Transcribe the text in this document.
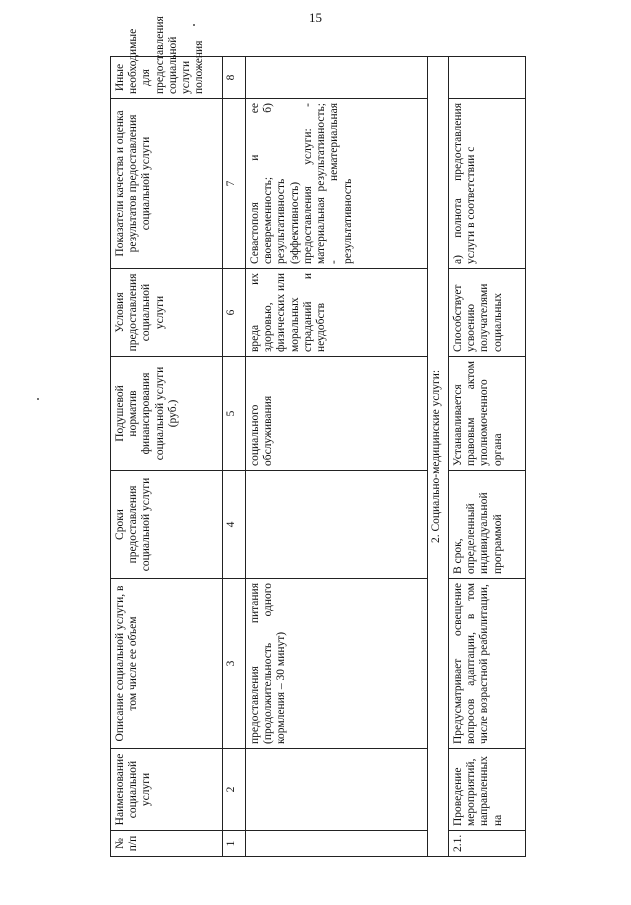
15
№ п/п	Наименование социальной услуги	Описание социальной услуги, в том числе ее объем	Сроки предоставления социальной услуги	Подушевой норматив финансирования социальной услуги (руб.)	Условия предоставления социальной услуги	Показатели качества и оценка результатов предоставления социальной услуги	Иные необходимые для предоставления социальной услуги положения
1	2	3	4	5	6	7	8
		предоставления питания (продолжительность одного кормления – 30 минут)		социального обслуживания	вреда их здоровью, физических или моральных страданий и неудобств	Севастополя и ее своевременность; б) результативность (эффективность) предоставления услуги: - материальная результативность; - нематериальная результативность	
2. Социально-медицинские услуги:							
2.1.	Проведение мероприятий, направленных на	Предусматривает освещение вопросов адаптации, в том числе возрастной реабилитации,	В срок, определенный индивидуальной программой	Устанавливается правовым актом уполномоченного органа	Способствует усвоению получателями социальных	а) полнота предоставления услуги в соответствии с	
